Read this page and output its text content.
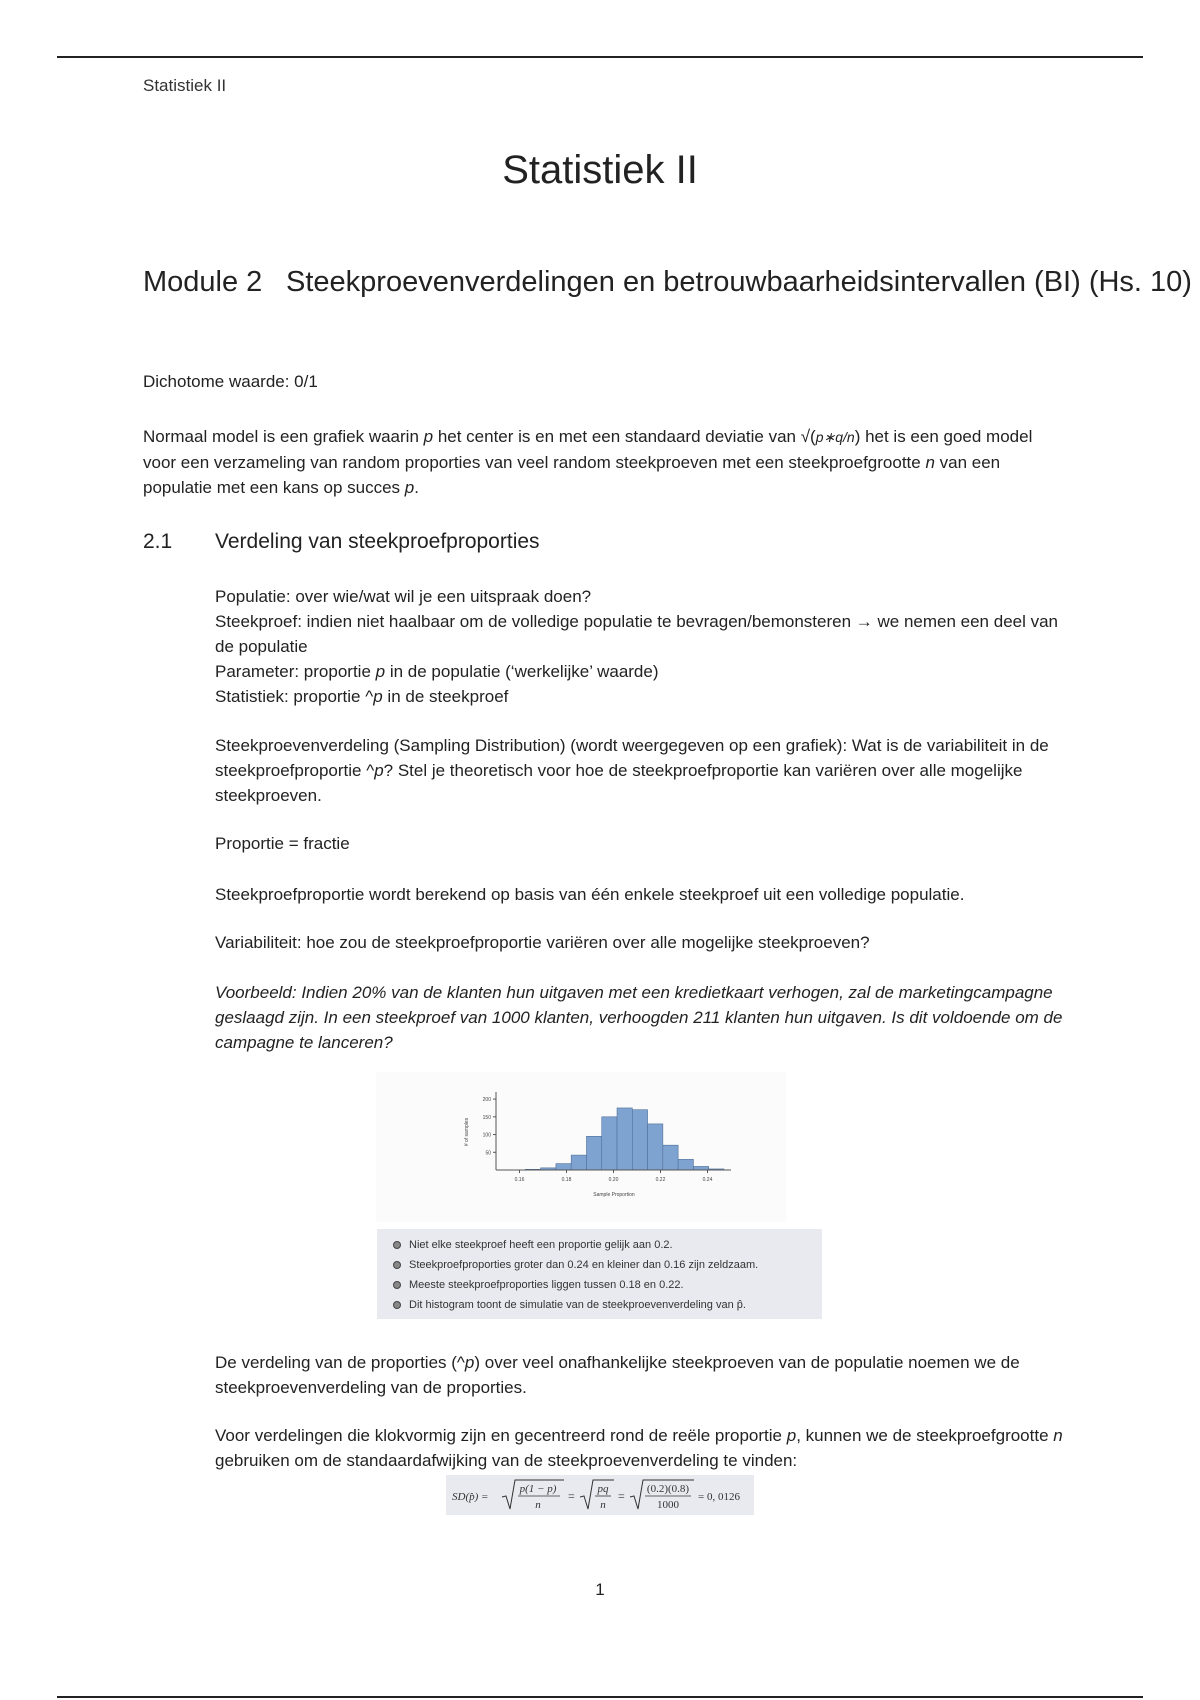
Statistiek II
Statistiek II
Module 2 Steekproevenverdelingen en betrouwbaarheidsintervallen (BI) (Hs. 10)
Dichotome waarde: 0/1
Normaal model is een grafiek waarin p het center is en met een standaard deviatie van √(p∗q/n) het is een goed model voor een verzameling van random proporties van veel random steekproeven met een steekproefgrootte n van een populatie met een kans op succes p.
2.1 Verdeling van steekproefproporties
Populatie: over wie/wat wil je een uitspraak doen?
Steekproef: indien niet haalbaar om de volledige populatie te bevragen/bemonsteren → we nemen een deel van de populatie
Parameter: proportie p in de populatie (‘werkelijke’ waarde)
Statistiek: proportie ^p in de steekproef
Steekproevenverdeling (Sampling Distribution) (wordt weergegeven op een grafiek): Wat is de variabiliteit in de steekproefproportie ^p? Stel je theoretisch voor hoe de steekproefproportie kan variëren over alle mogelijke steekproeven.
Proportie = fractie
Steekproefproportie wordt berekend op basis van één enkele steekproef uit een volledige populatie.
Variabiliteit: hoe zou de steekproefproportie variëren over alle mogelijke steekproeven?
Voorbeeld: Indien 20% van de klanten hun uitgaven met een kredietkaart verhogen, zal de marketingcampagne geslaagd zijn. In een steekproef van 1000 klanten, verhoogden 211 klanten hun uitgaven. Is dit voldoende om de campagne te lanceren?
0.16	0.18	0.20	0.22	0.24
50
100
150
200
Sample Proportion
# of samples
Niet elke steekproef heeft een proportie gelijk aan 0.2.
Steekproefproporties groter dan 0.24 en kleiner dan 0.16 zijn zeldzaam.
Meeste steekproefproporties liggen tussen 0.18 en 0.22.
Dit histogram toont de simulatie van de steekproevenverdeling van p̂.
De verdeling van de proporties (^p) over veel onafhankelijke steekproeven van de populatie noemen we de steekproevenverdeling van de proporties.
Voor verdelingen die klokvormig zijn en gecentreerd rond de reële proportie p, kunnen we de steekproefgrootte n gebruiken om de standaardafwijking van de steekproevenverdeling te vinden:
SD(p̂) =
p(1 − p)
n
= pq
n
= (0.2)(0.8)
1000
= 0, 0126
1
